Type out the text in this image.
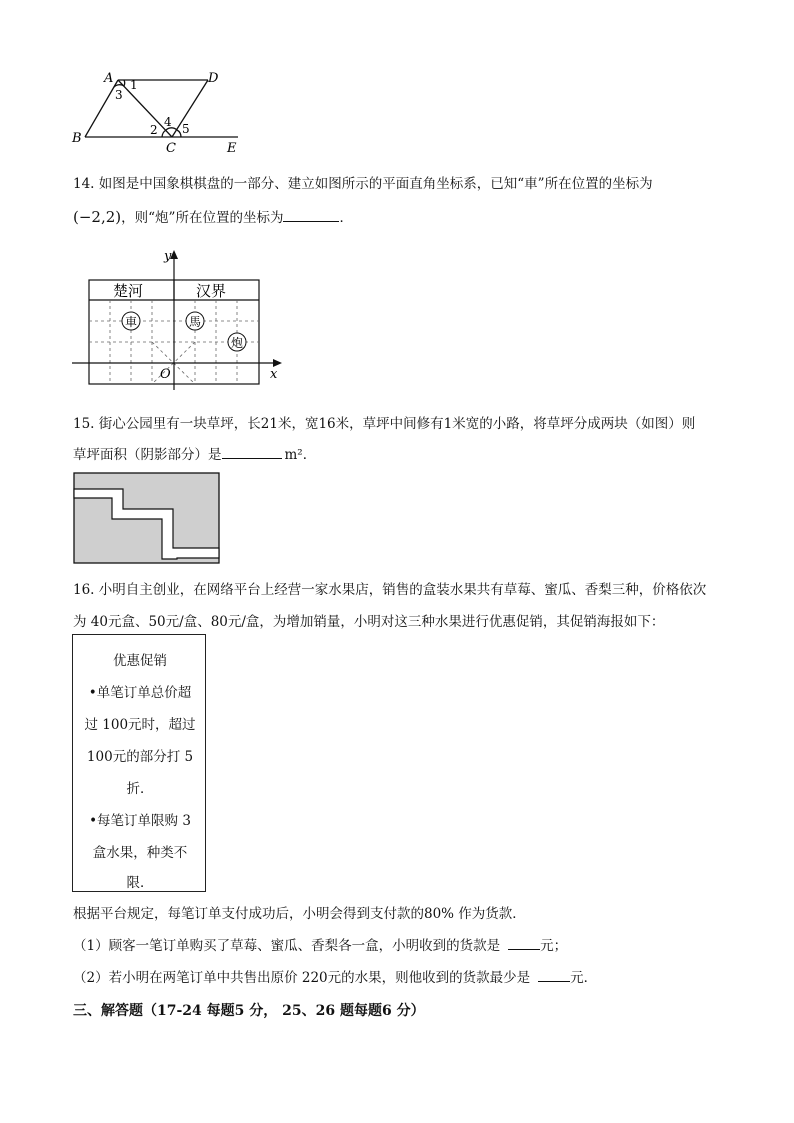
A 1
3
D
B
2
4 5
C	E
14. 如图是中国象棋棋盘的一部分、建立如图所示的平面直角坐标系，已知“車”所在位置的坐标为
(−2,2)，则“炮”所在位置的坐标为	．
y
x
O
楚河	汉界
車	馬
炮
15. 街心公园里有一块草坪，长21米，宽16米，草坪中间修有1米宽的小路，将草坪分成两块（如图）则
草坪面积（阴影部分）是	m²．
16. 小明自主创业，在网络平台上经营一家水果店，销售的盒装水果共有草莓、蜜瓜、香梨三种，价格依次
为 40元盒、50元/盒、80元/盒，为增加销量，小明对这三种水果进行优惠促销，其促销海报如下：
优惠促销
•单笔订单总价超
过 100元时，超过
100元的部分打 5
折．
•每笔订单限购 3
盒水果，种类不
限．
根据平台规定，每笔订单支付成功后，小明会得到支付款的80% 作为货款．
（1）顾客一笔订单购买了草莓、蜜瓜、香梨各一盒，小明收到的货款是	元；
（2）若小明在两笔订单中共售出原价 220元的水果，则他收到的货款最少是	元．
三、解答题（17-24 每题5 分， 25、26 题每题6 分）
